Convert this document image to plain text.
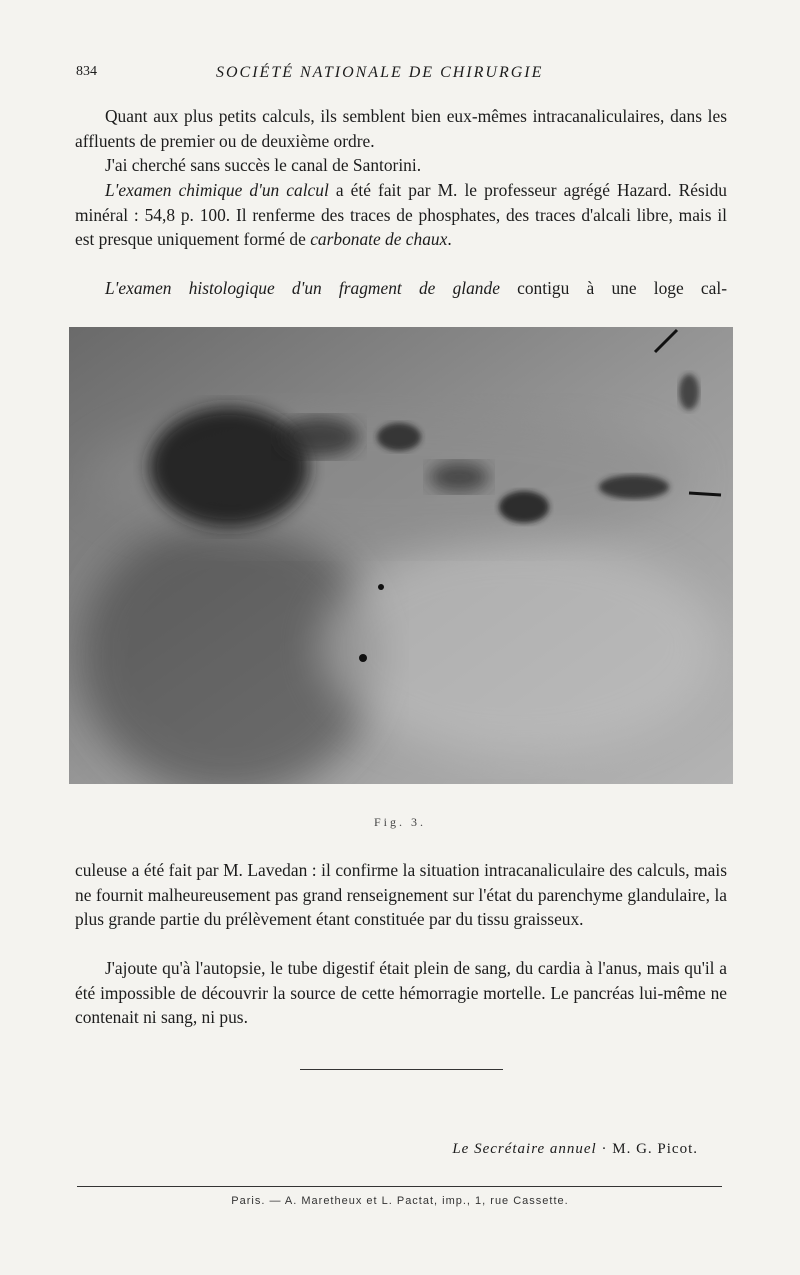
834	SOCIÉTÉ NATIONALE DE CHIRURGIE
Quant aux plus petits calculs, ils semblent bien eux-mêmes intracanaliculaires, dans les affluents de premier ou de deuxième ordre.
J'ai cherché sans succès le canal de Santorini.
L'examen chimique d'un calcul a été fait par M. le professeur agrégé Hazard. Résidu minéral : 54,8 p. 100. Il renferme des traces de phosphates, des traces d'alcali libre, mais il est presque uniquement formé de carbonate de chaux.
L'examen histologique d'un fragment de glande contigu à une loge cal-
Fig. 3.
culeuse a été fait par M. Lavedan : il confirme la situation intracanaliculaire des calculs, mais ne fournit malheureusement pas grand renseignement sur l'état du parenchyme glandulaire, la plus grande partie du prélèvement étant constituée par du tissu graisseux.
J'ajoute qu'à l'autopsie, le tube digestif était plein de sang, du cardia à l'anus, mais qu'il a été impossible de découvrir la source de cette hémorragie mortelle. Le pancréas lui-même ne contenait ni sang, ni pus.
Le Secrétaire annuel · M. G. Picot.
Paris. — A. Maretheux et L. Pactat, imp., 1, rue Cassette.
